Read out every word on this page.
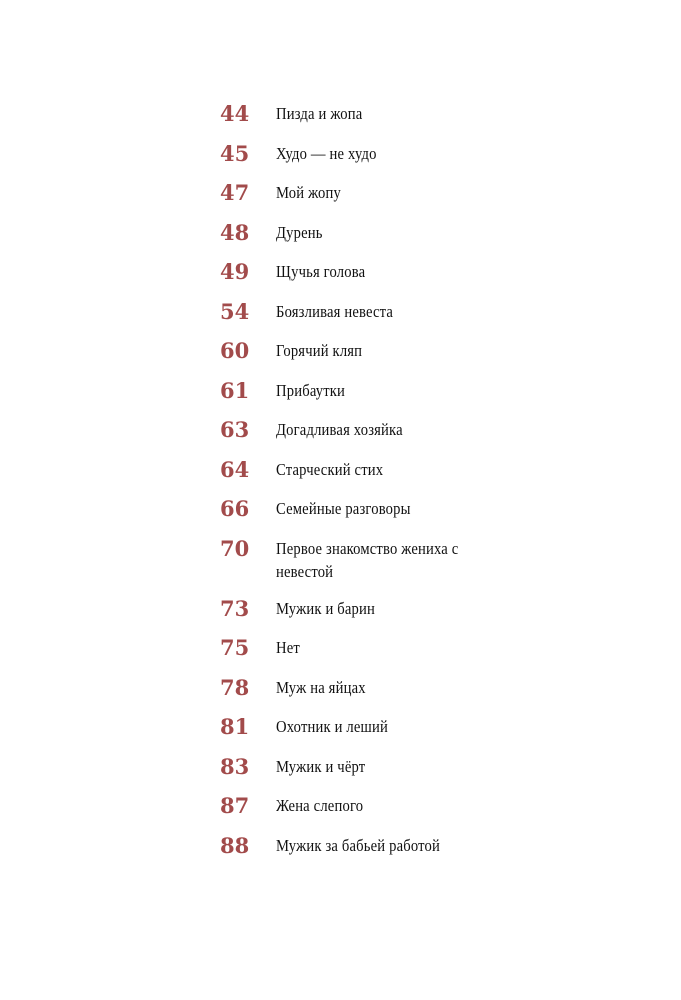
44	Пизда и жопа
45	Худо — не худо
47	Мой жопу
48	Дурень
49	Щучья голова
54	Боязливая невеста
60	Горячий кляп
61	Прибаутки
63	Догадливая хозяйка
64	Старческий стих
66	Семейные разговоры
70	Первое знакомство жениха с невестой
73	Мужик и барин
75	Нет
78	Муж на яйцах
81	Охотник и леший
83	Мужик и чёрт
87	Жена слепого
88	Мужик за бабьей работой
